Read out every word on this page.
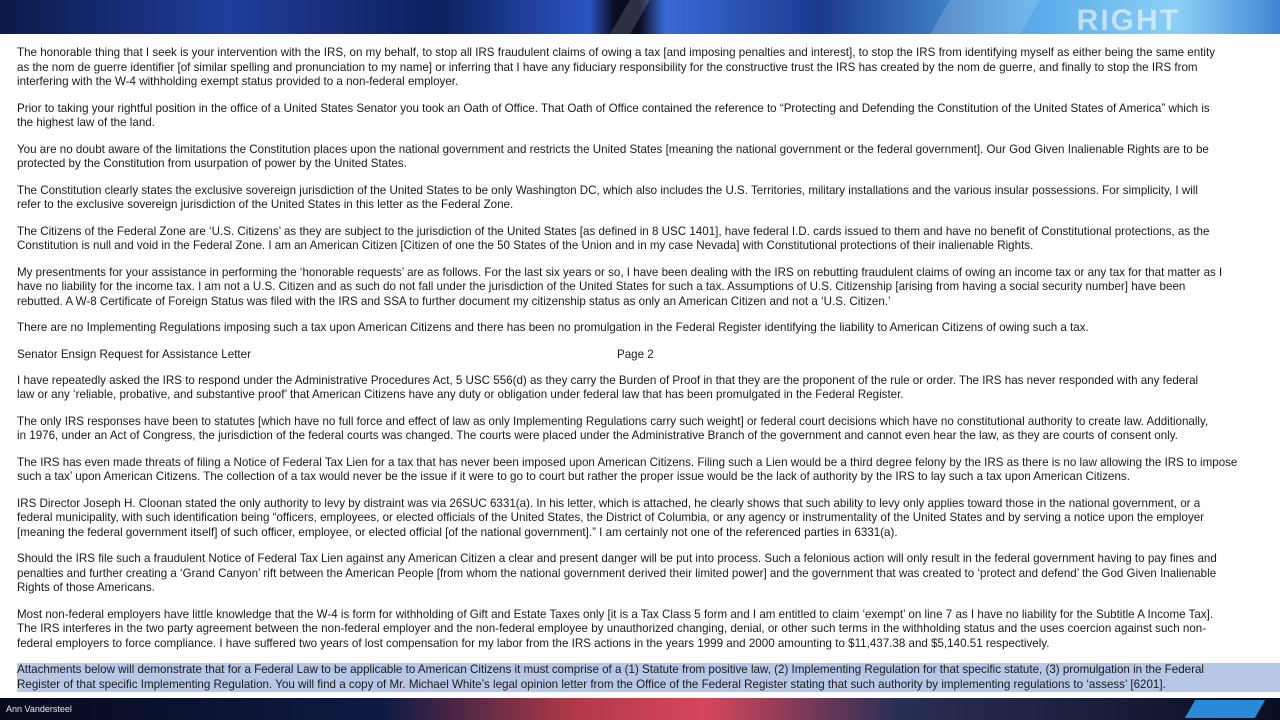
RIGHT
The honorable thing that I seek is your intervention with the IRS, on my behalf, to stop all IRS fraudulent claims of owing a tax [and imposing penalties and interest], to stop the IRS from identifying myself as either being the same entity
as the nom de guerre identifier [of similar spelling and pronunciation to my name] or inferring that I have any fiduciary responsibility for the constructive trust the IRS has created by the nom de guerre, and finally to stop the IRS from
interfering with the W-4 withholding exempt status provided to a non-federal employer.
Prior to taking your rightful position in the office of a United States Senator you took an Oath of Office. That Oath of Office contained the reference to “Protecting and Defending the Constitution of the United States of America” which is
the highest law of the land.
You are no doubt aware of the limitations the Constitution places upon the national government and restricts the United States [meaning the national government or the federal government]. Our God Given Inalienable Rights are to be
protected by the Constitution from usurpation of power by the United States.
The Constitution clearly states the exclusive sovereign jurisdiction of the United States to be only Washington DC, which also includes the U.S. Territories, military installations and the various insular possessions. For simplicity, I will
refer to the exclusive sovereign jurisdiction of the United States in this letter as the Federal Zone.
The Citizens of the Federal Zone are ‘U.S. Citizens’ as they are subject to the jurisdiction of the United States [as defined in 8 USC 1401], have federal I.D. cards issued to them and have no benefit of Constitutional protections, as the
Constitution is null and void in the Federal Zone. I am an American Citizen [Citizen of one the 50 States of the Union and in my case Nevada] with Constitutional protections of their inalienable Rights.
My presentments for your assistance in performing the ‘honorable requests’ are as follows. For the last six years or so, I have been dealing with the IRS on rebutting fraudulent claims of owing an income tax or any tax for that matter as I
have no liability for the income tax. I am not a U.S. Citizen and as such do not fall under the jurisdiction of the United States for such a tax. Assumptions of U.S. Citizenship [arising from having a social security number] have been
rebutted. A W-8 Certificate of Foreign Status was filed with the IRS and SSA to further document my citizenship status as only an American Citizen and not a ‘U.S. Citizen.’
There are no Implementing Regulations imposing such a tax upon American Citizens and there has been no promulgation in the Federal Register identifying the liability to American Citizens of owing such a tax.
Senator Ensign Request for Assistance Letter	Page 2
I have repeatedly asked the IRS to respond under the Administrative Procedures Act, 5 USC 556(d) as they carry the Burden of Proof in that they are the proponent of the rule or order. The IRS has never responded with any federal
law or any ‘reliable, probative, and substantive proof’ that American Citizens have any duty or obligation under federal law that has been promulgated in the Federal Register.
The only IRS responses have been to statutes [which have no full force and effect of law as only Implementing Regulations carry such weight] or federal court decisions which have no constitutional authority to create law. Additionally,
in 1976, under an Act of Congress, the jurisdiction of the federal courts was changed. The courts were placed under the Administrative Branch of the government and cannot even hear the law, as they are courts of consent only.
The IRS has even made threats of filing a Notice of Federal Tax Lien for a tax that has never been imposed upon American Citizens. Filing such a Lien would be a third degree felony by the IRS as there is no law allowing the IRS to impose
such a tax’ upon American Citizens. The collection of a tax would never be the issue if it were to go to court but rather the proper issue would be the lack of authority by the IRS to lay such a tax upon American Citizens.
IRS Director Joseph H. Cloonan stated the only authority to levy by distraint was via 26SUC 6331(a). In his letter, which is attached, he clearly shows that such ability to levy only applies toward those in the national government, or a
federal municipality, with such identification being “officers, employees, or elected officials of the United States, the District of Columbia, or any agency or instrumentality of the United States and by serving a notice upon the employer
[meaning the federal government itself] of such officer, employee, or elected official [of the national government].” I am certainly not one of the referenced parties in 6331(a).
Should the IRS file such a fraudulent Notice of Federal Tax Lien against any American Citizen a clear and present danger will be put into process. Such a felonious action will only result in the federal government having to pay fines and
penalties and further creating a ‘Grand Canyon’ rift between the American People [from whom the national government derived their limited power] and the government that was created to ‘protect and defend’ the God Given Inalienable
Rights of those Americans.
Most non-federal employers have little knowledge that the W-4 is form for withholding of Gift and Estate Taxes only [it is a Tax Class 5 form and I am entitled to claim ‘exempt’ on line 7 as I have no liability for the Subtitle A Income Tax].
The IRS interferes in the two party agreement between the non-federal employer and the non-federal employee by unauthorized changing, denial, or other such terms in the withholding status and the uses coercion against such non-
federal employers to force compliance. I have suffered two years of lost compensation for my labor from the IRS actions in the years 1999 and 2000 amounting to $11,437.38 and $5,140.51 respectively.
Attachments below will demonstrate that for a Federal Law to be applicable to American Citizens it must comprise of a (1) Statute from positive law, (2) Implementing Regulation for that specific statute, (3) promulgation in the Federal
Register of that specific Implementing Regulation. You will find a copy of Mr. Michael White’s legal opinion letter from the Office of the Federal Register stating that such authority by implementing regulations to ‘assess’ [6201].
Ann Vandersteel
